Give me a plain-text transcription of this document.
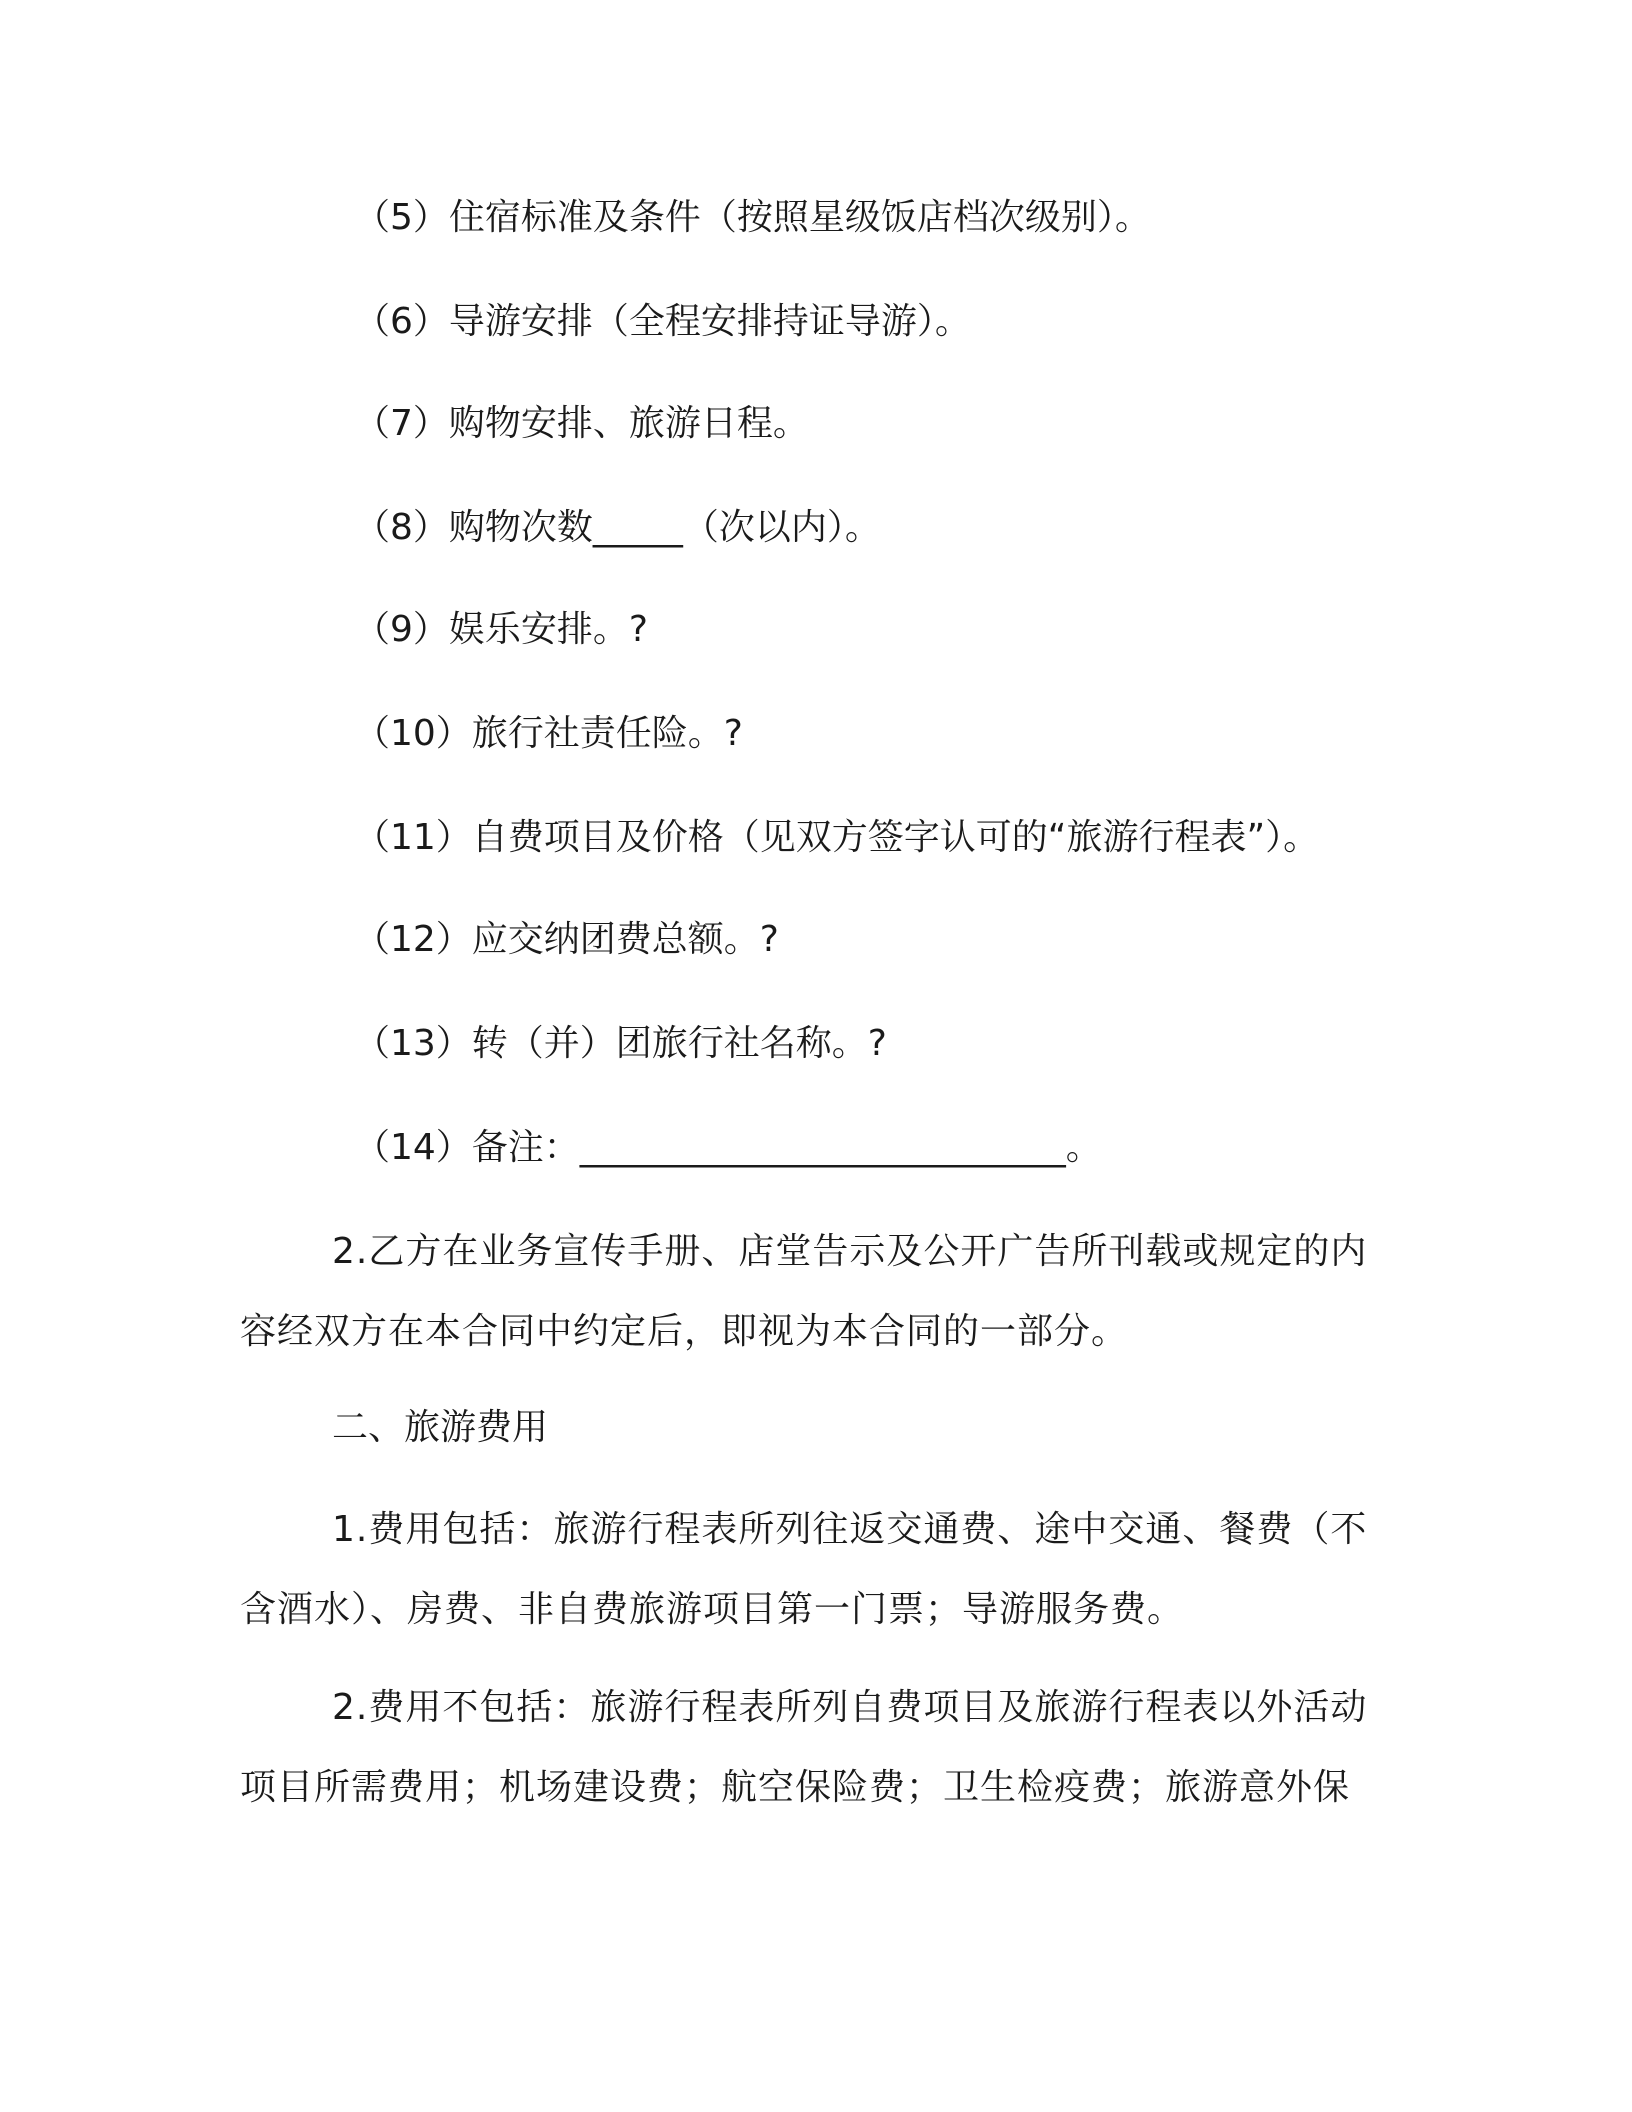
（5）住宿标准及条件（按照星级饭店档次级别）。
（6）导游安排（全程安排持证导游）。
（7）购物安排、旅游日程。
（8）购物次数_____（次以内）。
（9）娱乐安排。?
（10）旅行社责任险。?
（11）自费项目及价格（见双方签字认可的“旅游行程表”）。
（12）应交纳团费总额。?
（13）转（并）团旅行社名称。?
（14）备注：___________________________。
2.乙方在业务宣传手册、店堂告示及公开广告所刊载或规定的内容经双方在本合同中约定后，即视为本合同的一部分。
二、旅游费用
1.费用包括：旅游行程表所列往返交通费、途中交通、餐费（不含酒水）、房费、非自费旅游项目第一门票；导游服务费。
2.费用不包括：旅游行程表所列自费项目及旅游行程表以外活动项目所需费用；机场建设费；航空保险费；卫生检疫费；旅游意外保
